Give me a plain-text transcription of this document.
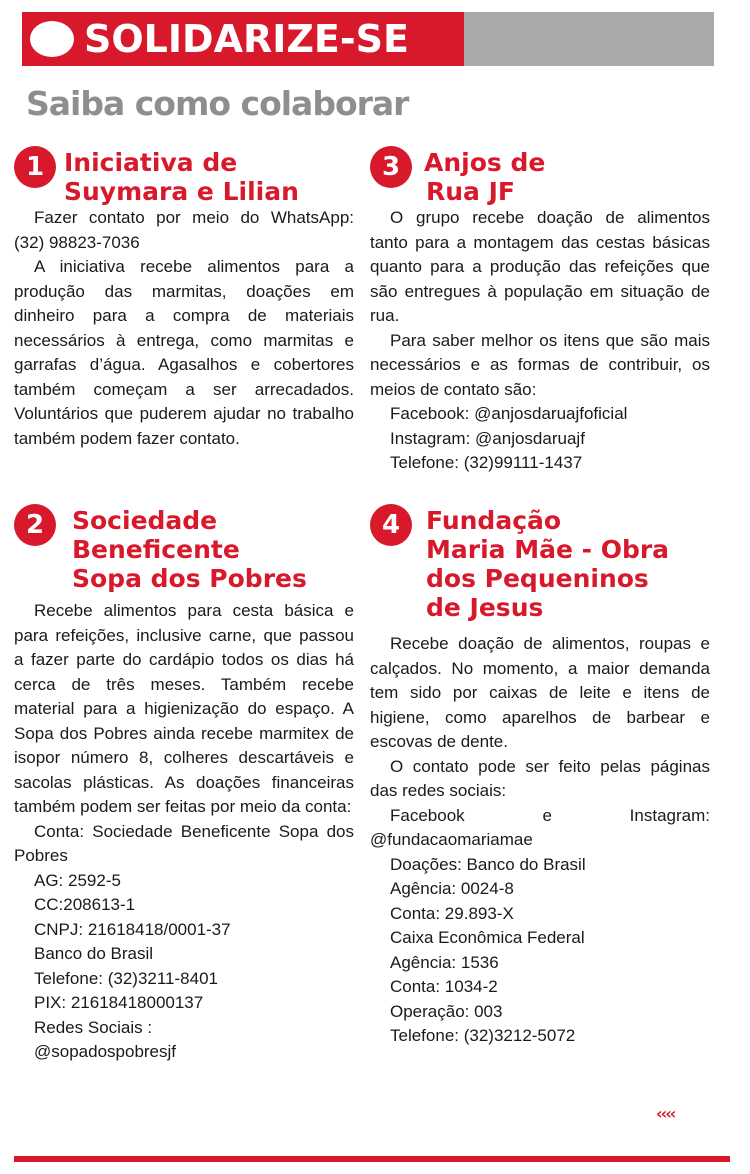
SOLIDARIZE-SE
Saiba como colaborar
1 Iniciativa de
Suymara e Lilian

Fazer contato por meio do WhatsApp: (32) 98823-7036

A iniciativa recebe alimentos para a produção das marmitas, doações em dinheiro para a compra de materiais necessários à entrega, como marmitas e garrafas d’água. Agasalhos e cobertores também começam a ser arrecadados. Voluntários que puderem ajudar no trabalho também podem fazer contato.

2	Sociedade
Beneficente
Sopa dos Pobres

Recebe alimentos para cesta básica e para refeições, inclusive carne, que passou a fazer parte do cardápio todos os dias há cerca de três meses. Também recebe material para a higienização do espaço. A Sopa dos Pobres ainda recebe marmitex de isopor número 8, colheres descartáveis e sacolas plásticas. As doações financeiras também podem ser feitas por meio da conta:

Conta: Sociedade Beneficente Sopa dos Pobres

AG: 2592-5
CC:208613-1
CNPJ: 21618418/0001-37
Banco do Brasil
Telefone: (32)3211-8401
PIX: 21618418000137
Redes Sociais :
@sopadospobresjf
3 Anjos de
Rua JF

O grupo recebe doação de alimentos tanto para a montagem das cestas básicas quanto para a produção das refeições que são entregues à população em situação de rua.

Para saber melhor os itens que são mais necessários e as formas de contribuir, os meios de contato são:

Facebook: @anjosdaruajfoficial
Instagram: @anjosdaruajf
Telefone: (32)99111-1437
4	Fundação
Maria Mãe - Obra
dos Pequeninos
de Jesus

Recebe doação de alimentos, roupas e calçados. No momento, a maior demanda tem sido por caixas de leite e itens de higiene, como aparelhos de barbear e escovas de dente.

O contato pode ser feito pelas páginas das redes sociais:

Facebook e Instagram: @fundacaomariamae

Doações: Banco do Brasil
Agência: 0024-8
Conta: 29.893-X
Caixa Econômica Federal
Agência: 1536
Conta: 1034-2
Operação: 003
Telefone: (32)3212-5072
‹‹‹‹
